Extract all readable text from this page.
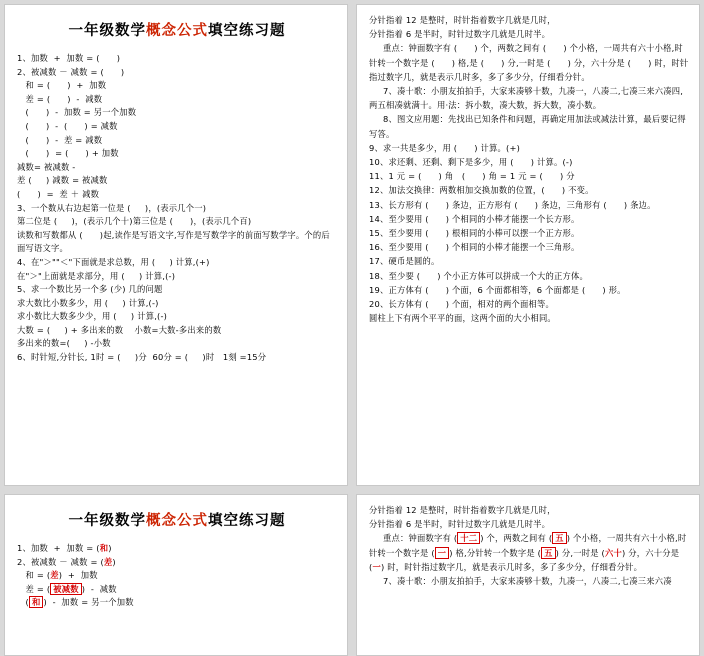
一年级数学概念公式填空练习题
1、加数  +  加数 = (      )
2、被减数 － 减数 = (      )
和 = (      )  +  加数
差 = (      )  -  减数
(      )  -  加数 = 另一个加数
(      )  -  (      ) = 减数
(      )  -  差 = 减数
(      )  = (      ) + 加数
减数= 被减数 -
差 (     ) 减数 = 被减数
(      )  =  差 ＋ 减数
3、一个数从右边起第一位是 (     )，(表示几个一)
第二位是 (     )，(表示几个十)第三位是 (      )，(表示几个百)
读数和写数都从 (      )起,读作是写语文字,写作是写数学字的前面写数学字。个的后面写语文字。
4、在"＞""＜"下面就是求总数，用 (     ) 计算,(+)
在"＞"上面就是求部分，用 (     ) 计算,(-)
5、求一个数比另一个多 (少) 几的问题
求大数比小数多少，用 (     ) 计算,(-)
求小数比大数多少少，用 (     ) 计算,(-)
大数 = (     ) + 多出来的数    小数=大数-多出来的数
多出来的数=(     ) -小数
6、时针短,分针长, 1时 = (     )分  60分 = (     )时   1刻 =15分
分针指着 12 是整时，时针指着数字几就是几时，
分针指着 6 是半时，时针过数字几就是几时半。
重点：钟面数字有 (      ) 个，两数之间有 (      ) 个小格，一周共有六十小格,时针转一个数字是 (      ) 格,是 (      ) 分,一时是 (      ) 分，六十分是 (      ) 时，时针指过数字几，就是表示几时多，多了多少分，仔细看分针。
7、凑十歌：小朋友拍拍手，大家来凑够十数，九凑一，八凑二,七凑三来六凑四,两五相凑就满十。用·法：拆小数，凑大数，拆大数，凑小数。
8、图文应用题：先找出已知条件和问题，再确定用加法或减法计算，最后要记得写答。
9、求一共是多少，用 (      ) 计算。(+)
10、求还剩、还剩、剩下是多少，用 (      ) 计算。(-)
11、1 元 = (      ) 角   (      ) 角 = 1 元 = (      ) 分
12、加法交换律：两数相加交换加数的位置，(      ) 不变。
13、长方形有 (      ) 条边，正方形有 (      ) 条边，三角形有 (      ) 条边。
14、至少要用 (      ) 个相同的小棒才能摆一个长方形。
15、至少要用 (      ) 根相同的小棒可以摆一个正方形。
16、至少要用 (      ) 个相同的小棒才能摆一个三角形。
17、硬币是圆的。
18、至少要 (      ) 个小正方体可以拼成一个大的正方体。
19、正方体有 (      ) 个面，6 个面都相等，6 个面都是 (      ) 形。
20、长方体有 (      ) 个面，相对的两个面相等。
圆柱上下有两个平平的面，这两个面的大小相同。
一年级数学概念公式填空练习题
1、加数  +  加数 = (和)
2、被减数 － 减数 = (差)
和 = (差)  +  加数
差 = ( 被减数 )  -  减数
( 和 )  -  加数 = 另一个加数
分针指着 12 是整时，时针指着数字几就是几时，
分针指着 6 是半时，时针过数字几就是几时半。
重点：钟面数字有 ( 十二 ) 个，两数之间有 ( 五 ) 个小格，一周共有六十小格,时针转一个数字是 ( 一 ) 格,分针转一个数字是 ( 五 ) 分,一时是 (六十) 分，六十分是 (一) 时，时针指过数字几，就是表示几时多，多了多少分，仔细看分针。
7、凑十歌：小朋友拍拍手，大家来凑够十数，九凑一，八凑二,七凑三来六凑
